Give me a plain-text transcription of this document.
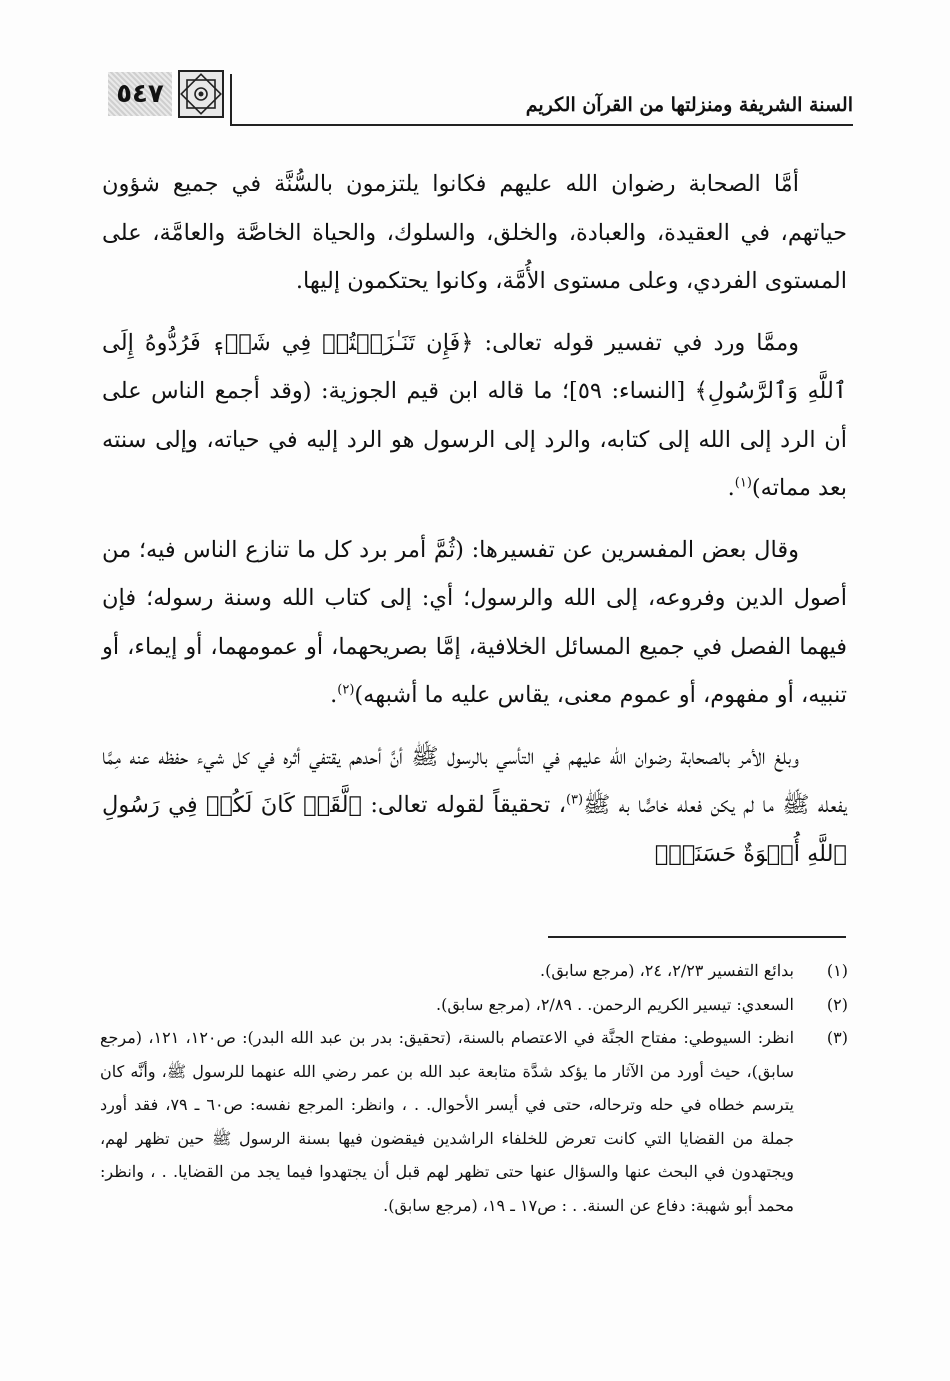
٥٤٧	السنة الشريفة ومنزلتها من القرآن الكريم

أمَّا الصحابة رضوان الله عليهم فكانوا يلتزمون بالسُّنَّة في جميع شؤون حياتهم، في العقيدة، والعبادة، والخلق، والسلوك، والحياة الخاصَّة والعامَّة، على المستوى الفردي، وعلى مستوى الأُمَّة، وكانوا يحتكمون إليها.

وممَّا ورد في تفسير قوله تعالى: ﴿فَإِن تَنَـٰزَعۡتُمۡ فِي شَيۡءٖ فَرُدُّوهُ إِلَى ٱللَّهِ وَٱلرَّسُولِ﴾ [النساء: ٥٩]؛ ما قاله ابن قيم الجوزية: (وقد أجمع الناس على أن الرد إلى الله إلى كتابه، والرد إلى الرسول هو الرد إليه في حياته، وإلى سنته بعد مماته)$^{(١)}$.

وقال بعض المفسرين عن تفسيرها: (ثُمَّ أمر برد كل ما تنازع الناس فيه؛ من أصول الدين وفروعه، إلى الله والرسول؛ أي: إلى كتاب الله وسنة رسوله؛ فإن فيهما الفصل في جميع المسائل الخلافية، إمَّا بصريحهما، أو عمومهما، أو إيماء، أو تنبيه، أو مفهوم، أو عموم معنى، يقاس عليه ما أشبهه)$^{(٢)}$.

وبلغ الأمر بالصحابة رضوان الله عليهم في التأسي بالرسول ﷺ أنَّ أحدهم يقتفي أثره في كل شيء حفظه عنه مِمَّا يفعله ﷺ ما لم يكن فعله خاصًّا به ﷺ$^{(٣)}$، تحقيقاً لقوله تعالى: ﴿لَّقَدۡ كَانَ لَكُمۡ فِي رَسُولِ ٱللَّهِ أُسۡوَةٌ حَسَنَةٞ﴾

(١)
بدائع التفسير ٢/٢٣، ٢٤، (مرجع سابق).
(٢)
السعدي: تيسير الكريم الرحمن. . ٢/٨٩، (مرجع سابق).
(٣)
انظر: السيوطي: مفتاح الجنَّة في الاعتصام بالسنة، (تحقيق: بدر بن عبد الله البدر): ص١٢٠، ١٢١، (مرجع سابق)، حيث أورد من الآثار ما يؤكد شدَّة متابعة عبد الله بن عمر رضي الله عنهما للرسول ﷺ، وأنَّه كان يترسم خطاه في حله وترحاله، حتى في أيسر الأحوال. . ، وانظر: المرجع نفسه: ص٦٠ ـ ٧٩، فقد أورد جملة من القضايا التي كانت تعرض للخلفاء الراشدين فيقضون فيها بسنة الرسول ﷺ حين تظهر لهم، ويجتهدون في البحث عنها والسؤال عنها حتى تظهر لهم قبل أن يجتهدوا فيما يجد من القضايا. . ، وانظر: محمد أبو شهبة: دفاع عن السنة. . : ص١٧ ـ ١٩، (مرجع سابق).
